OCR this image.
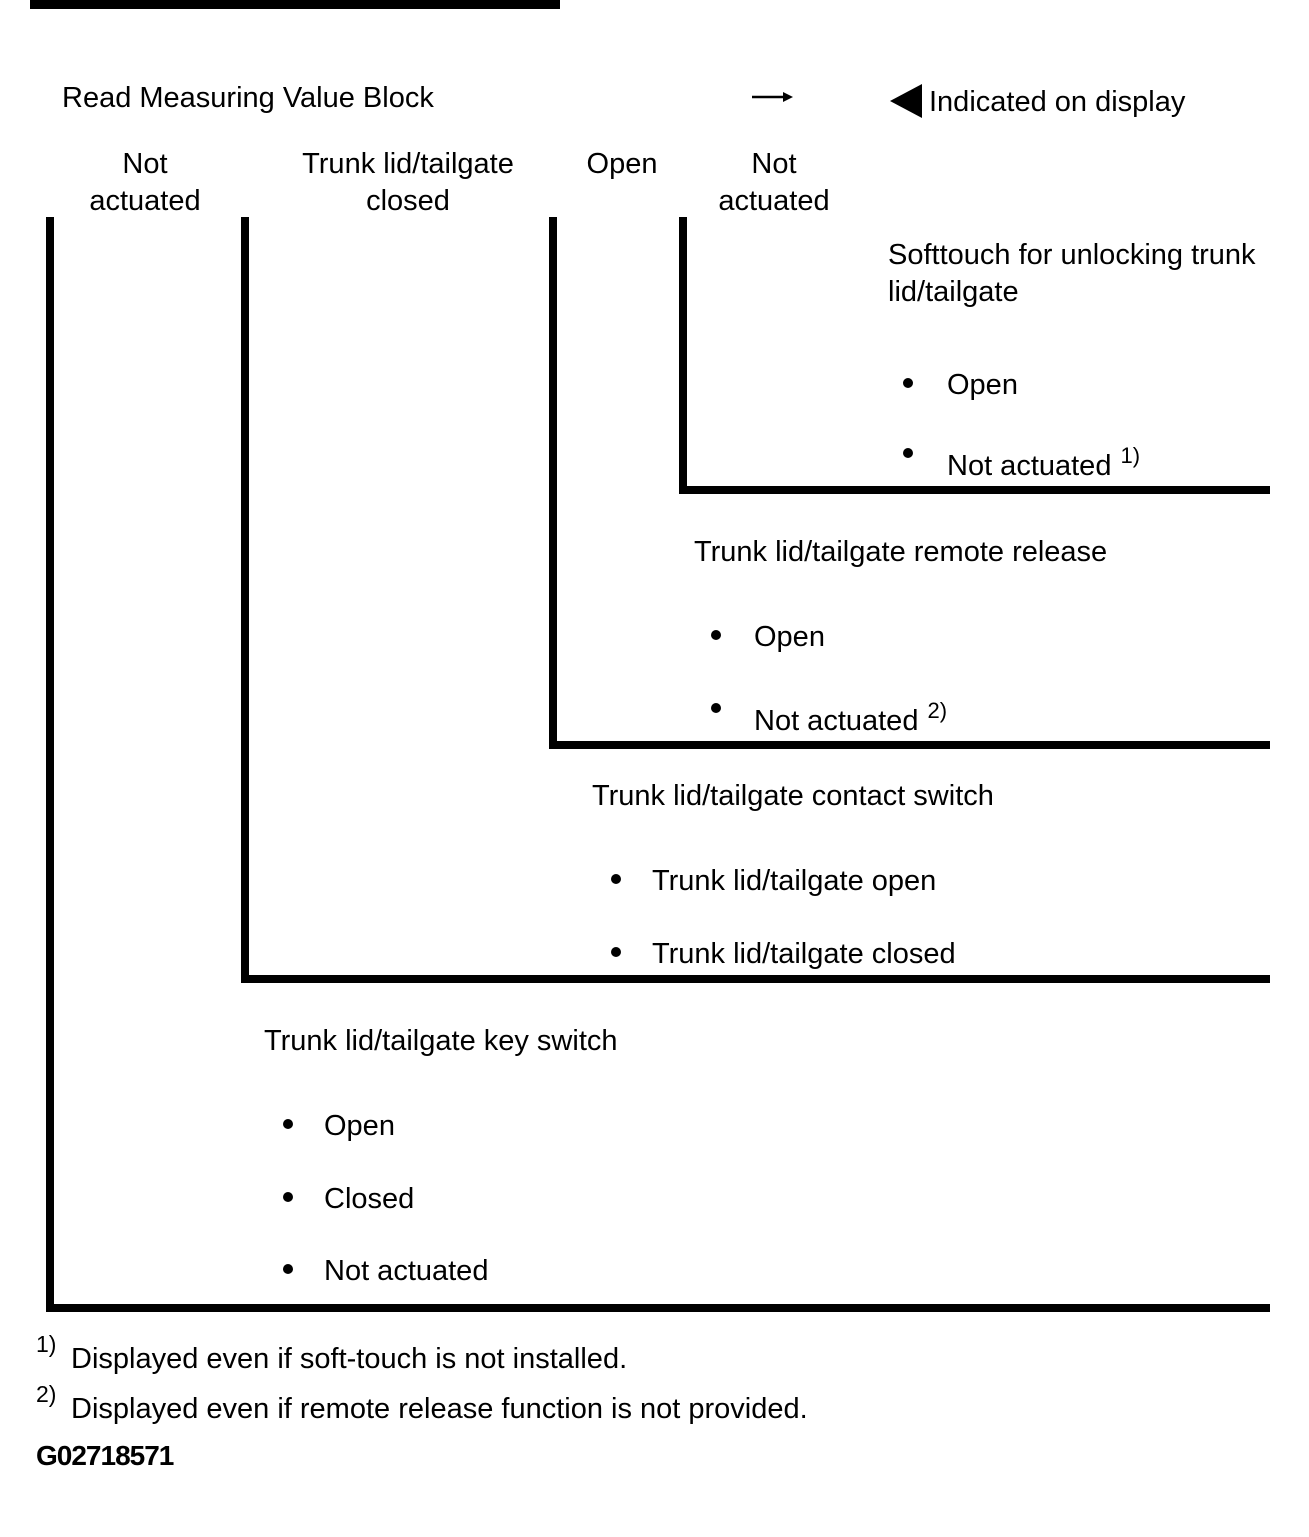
Read Measuring Value Block	Indicated on display
Not
actuated
Trunk lid/tailgate
closed
Open	Not
actuated
Softtouch for unlocking trunk lid/tailgate
Open
Not actuated $^{1)}$
Trunk lid/tailgate remote release
Open
Not actuated $^{2)}$
Trunk lid/tailgate contact switch
Trunk lid/tailgate open
Trunk lid/tailgate closed
Trunk lid/tailgate key switch
Open
Closed
Not actuated
1) Displayed even if soft-touch is not installed.
2) Displayed even if remote release function is not provided.
G02718571
